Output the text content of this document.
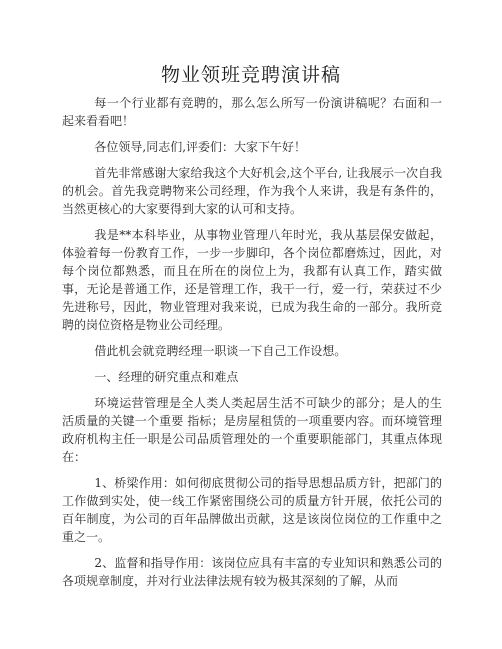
物业领班竞聘演讲稿

每一个行业都有竞聘的，那么怎么所写一份演讲稿呢？右面和一起来看看吧！

各位领导,同志们,评委们：大家下午好！

首先非常感谢大家给我这个大好机会,这个平台, 让我展示一次自我的机会。首先我竞聘物来公司经理，作为我个人来讲，我是有条件的，当然更核心的大家要得到大家的认可和支持。

我是**本科毕业，从事物业管理八年时光，我从基层保安做起，体验着每一份教育工作，一步一步脚印，各个岗位都磨炼过，因此，对每个岗位都熟悉，而且在所在的岗位上为，我都有认真工作，踏实做事，无论是普通工作，还是管理工作，我干一行，爱一行，荣获过不少先进称号，因此，物业管理对我来说，已成为我生命的一部分。我所竞聘的岗位资格是物业公司经理。

借此机会就竞聘经理一职谈一下自己工作设想。

一、经理的研究重点和难点

环境运营管理是全人类人类起居生活不可缺少的部分；是人的生活质量的关键一个重要 指标；是房屋租赁的一项重要内容。而环境管理政府机构主任一职是公司品质管理处的一个重要职能部门，其重点体现在：

1、桥梁作用：如何彻底贯彻公司的指导思想品质方针，把部门的工作做到实处，使一线工作紧密围绕公司的质量方针开展，依托公司的百年制度，为公司的百年品牌做出贡献，这是该岗位岗位的工作重中之重之一。

2、监督和指导作用：该岗位应具有丰富的专业知识和熟悉公司的各项规章制度，并对行业法律法规有较为极其深刻的了解，从而
